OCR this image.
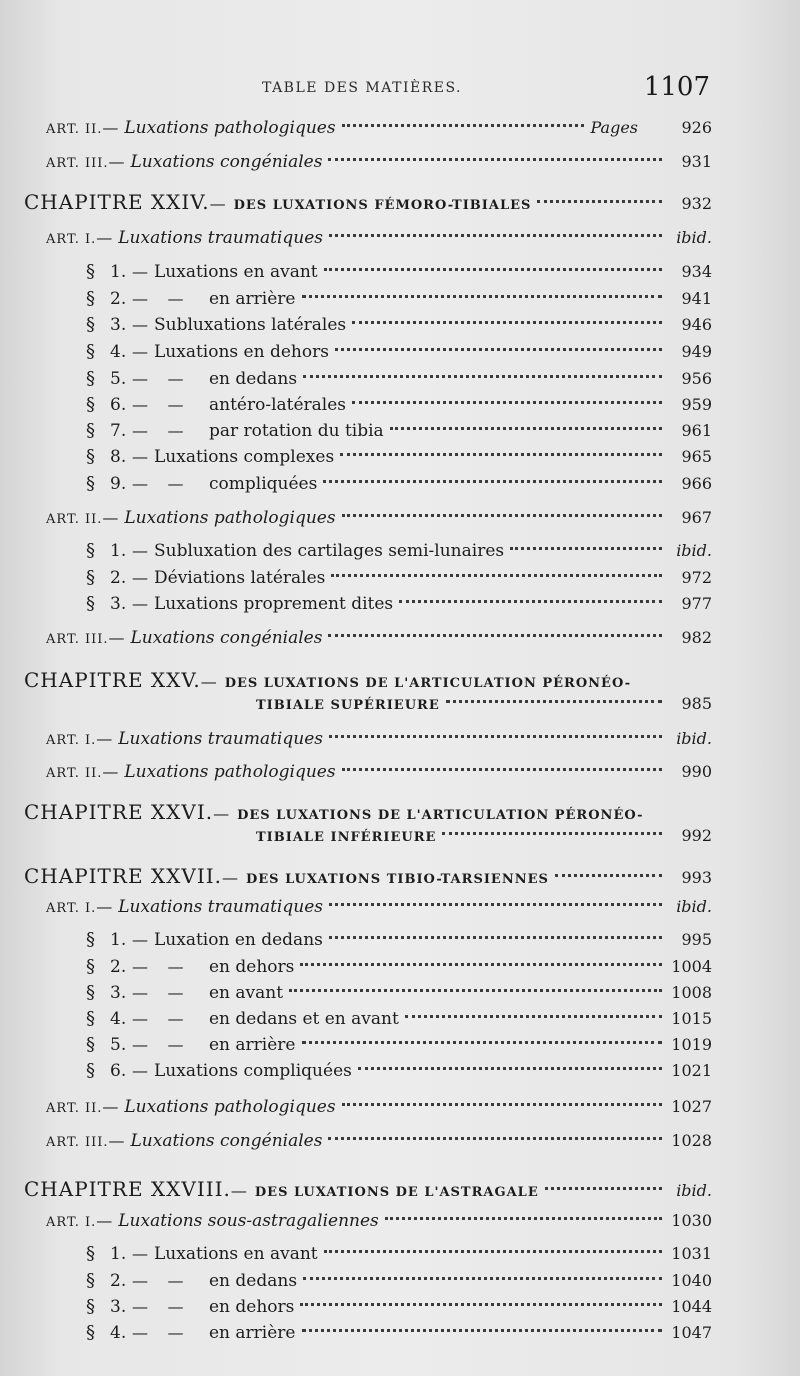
TABLE DES MATIÈRES.	1107
ART. II. — Luxations pathologiques	Pages	926
ART. III. — Luxations congéniales	931
CHAPITRE XXIV. — DES LUXATIONS FÉMORO-TIBIALES	932
ART. I. — Luxations traumatiques	ibid.
§ 1. — Luxations en avant	934
§ 2. —	—	en arrière	941
§ 3. — Subluxations latérales	946
§ 4. — Luxations en dehors	949
§ 5. —	—	en dedans	956
§ 6. —	—	antéro-latérales	959
§ 7. —	—	par rotation du tibia	961
§ 8. — Luxations complexes	965
§ 9. —	—	compliquées	966
ART. II. — Luxations pathologiques	967
§ 1. — Subluxation des cartilages semi-lunaires	ibid.
§ 2. — Déviations latérales	972
§ 3. — Luxations proprement dites	977
ART. III. — Luxations congéniales	982
CHAPITRE XXV. — DES LUXATIONS DE L'ARTICULATION PÉRONÉO-
TIBIALE SUPÉRIEURE	985
ART. I. — Luxations traumatiques	ibid.
ART. II. — Luxations pathologiques	990
CHAPITRE XXVI. — DES LUXATIONS DE L'ARTICULATION PÉRONÉO-
TIBIALE INFÉRIEURE	992
CHAPITRE XXVII. — DES LUXATIONS TIBIO-TARSIENNES	993
ART. I. — Luxations traumatiques	ibid.
§ 1. — Luxation en dedans	995
§ 2. —	—	en dehors	1004
§ 3. —	—	en avant	1008
§ 4. —	—	en dedans et en avant	1015
§ 5. —	—	en arrière	1019
§ 6. — Luxations compliquées	1021
ART. II. — Luxations pathologiques	1027
ART. III. — Luxations congéniales	1028
CHAPITRE XXVIII. — DES LUXATIONS DE L'ASTRAGALE	ibid.
ART. I. — Luxations sous-astragaliennes	1030
§ 1. — Luxations en avant	1031
§ 2. —	—	en dedans	1040
§ 3. —	—	en dehors	1044
§ 4. —	—	en arrière	1047
